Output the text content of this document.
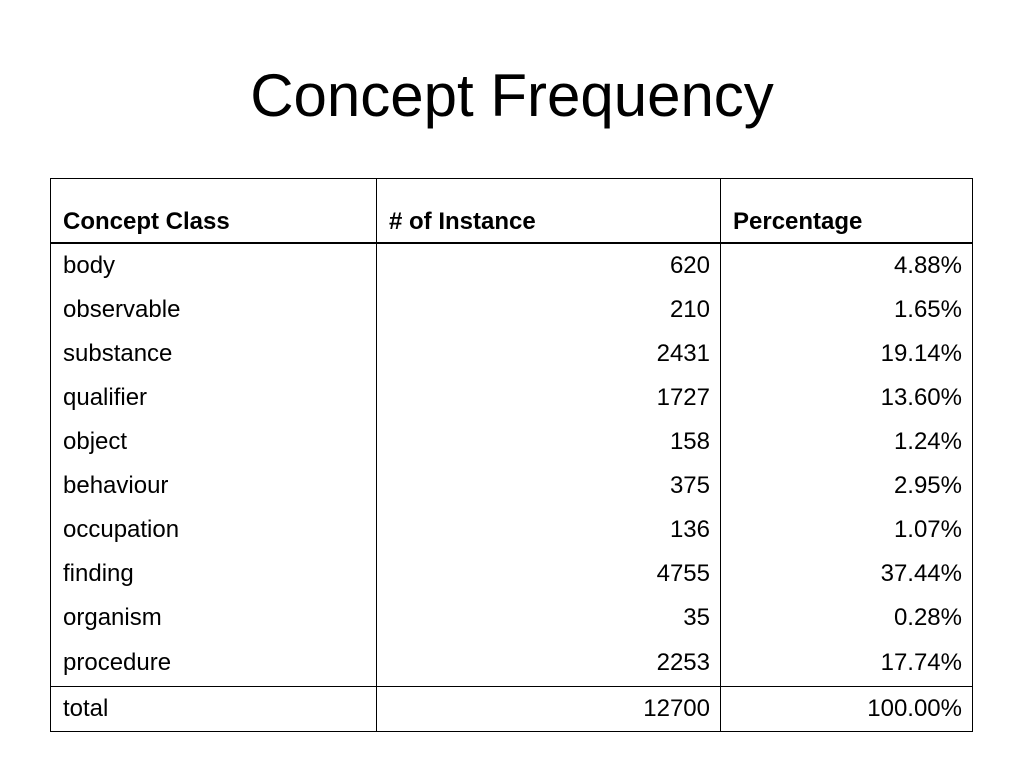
Concept Frequency
Concept Class	# of Instance	Percentage
body	620	4.88%
observable	210	1.65%
substance	2431	19.14%
qualifier	1727	13.60%
object	158	1.24%
behaviour	375	2.95%
occupation	136	1.07%
finding	4755	37.44%
organism	35	0.28%
procedure	2253	17.74%
total	12700	100.00%
